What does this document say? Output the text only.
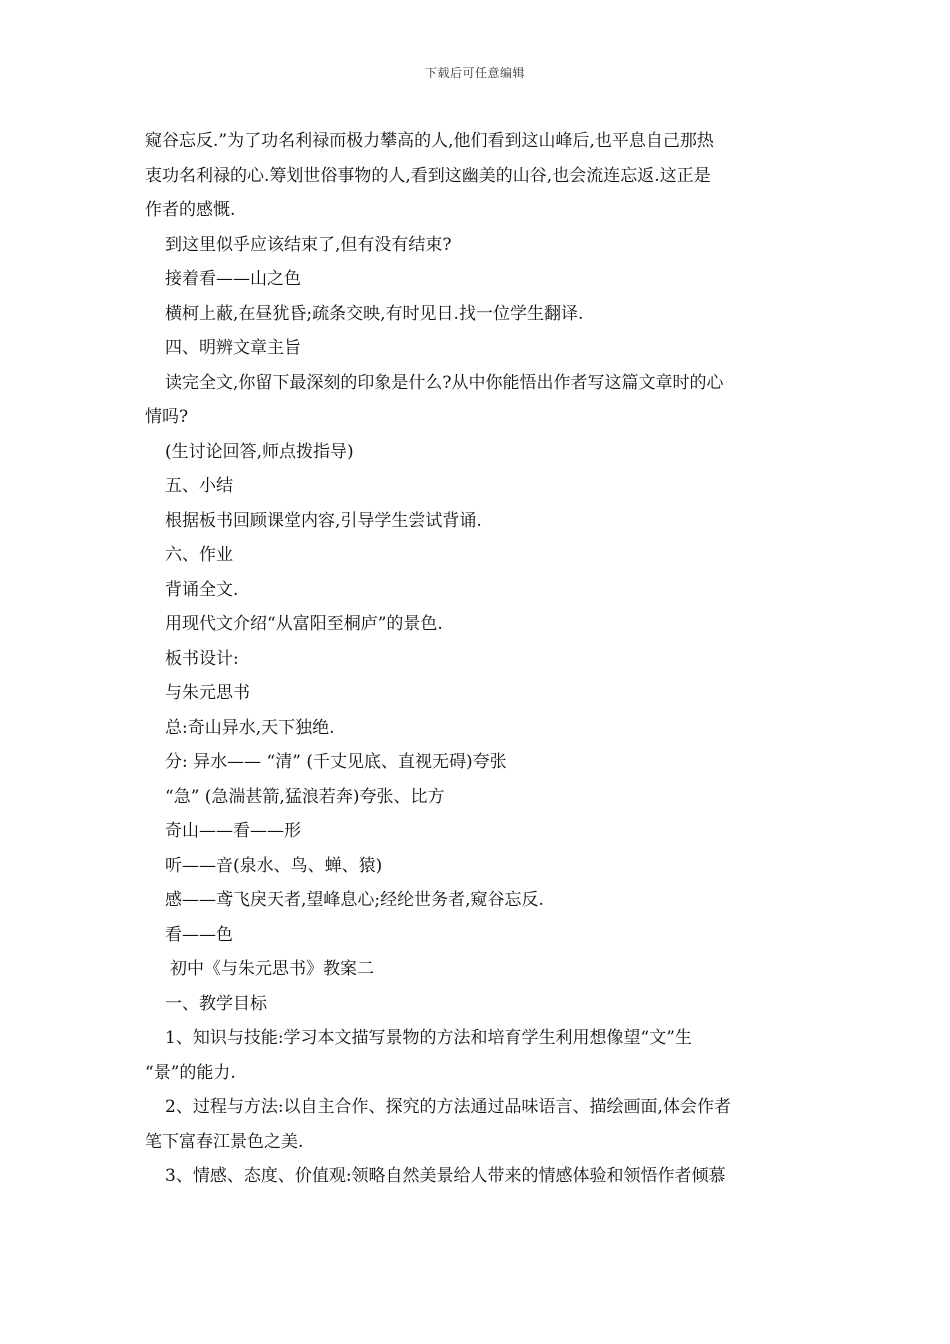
下载后可任意编辑
窥谷忘反.”为了功名利禄而极力攀高的人,他们看到这山峰后,也平息自己那热
衷功名利禄的心.筹划世俗事物的人,看到这幽美的山谷,也会流连忘返.这正是
作者的感慨.
到这里似乎应该结束了,但有没有结束?
接着看——山之色
横柯上蔽,在昼犹昏;疏条交映,有时见日.找一位学生翻译.
四、明辨文章主旨
读完全文,你留下最深刻的印象是什么?从中你能悟出作者写这篇文章时的心
情吗?
(生讨论回答,师点拨指导)
五、小结
根据板书回顾课堂内容,引导学生尝试背诵.
六、作业
背诵全文.
用现代文介绍“从富阳至桐庐”的景色.
板书设计:
与朱元思书
总:奇山异水,天下独绝.
分: 异水—— “清” (千丈见底、直视无碍)夸张
“急” (急湍甚箭,猛浪若奔)夸张、比方
奇山——看——形
听——音(泉水、鸟、蝉、猿)
感——鸢飞戾天者,望峰息心;经纶世务者,窥谷忘反.
看——色
初中《与朱元思书》教案二
一、教学目标
1、知识与技能:学习本文描写景物的方法和培育学生利用想像望“文”生
“景”的能力.
2、过程与方法:以自主合作、探究的方法通过品味语言、描绘画面,体会作者
笔下富春江景色之美.
3、情感、态度、价值观:领略自然美景给人带来的情感体验和领悟作者倾慕
